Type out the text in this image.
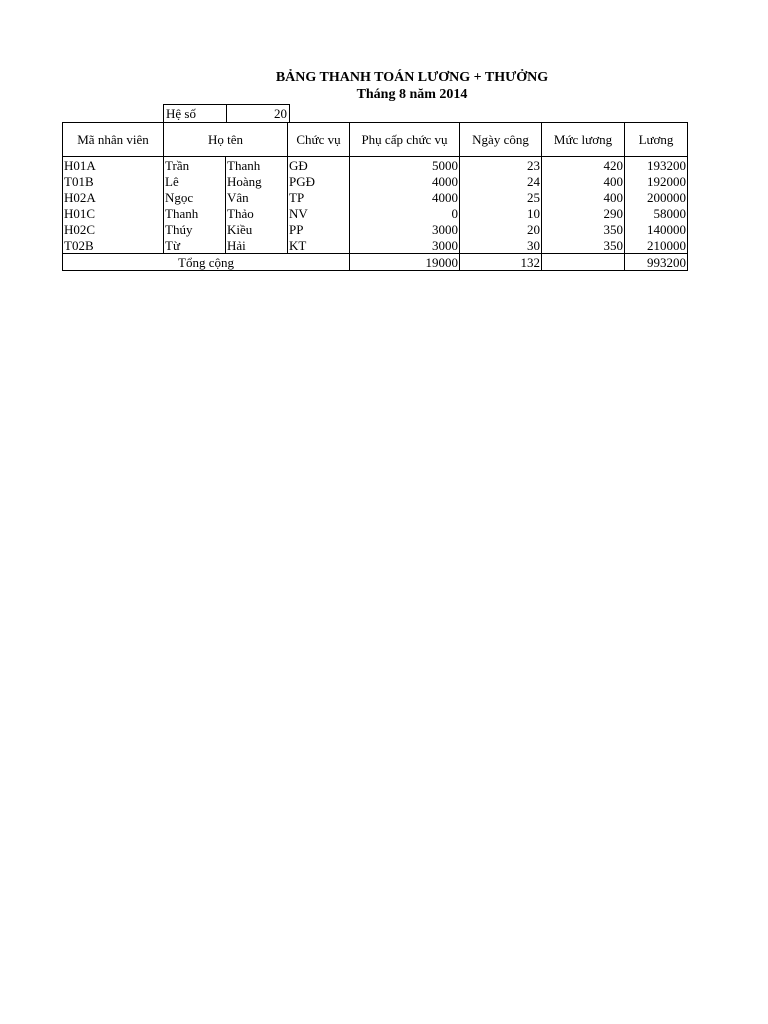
BẢNG THANH TOÁN LƯƠNG + THƯỞNG
Tháng 8 năm 2014
Hệ số	20
Mã nhân viên	Họ tên		Chức vụ	Phụ cấp chức vụ	Ngày công	Mức lương	Lương
H01A	Trần	Thanh	GĐ	5000	23	420	193200
T01B	Lê	Hoàng	PGĐ	4000	24	400	192000
H02A	Ngọc	Vân	TP	4000	25	400	200000
H01C	Thanh	Thảo	NV	0	10	290	58000
H02C	Thúy	Kiều	PP	3000	20	350	140000
T02B	Từ	Hải	KT	3000	30	350	210000
Tổng cộng				19000	132		993200
